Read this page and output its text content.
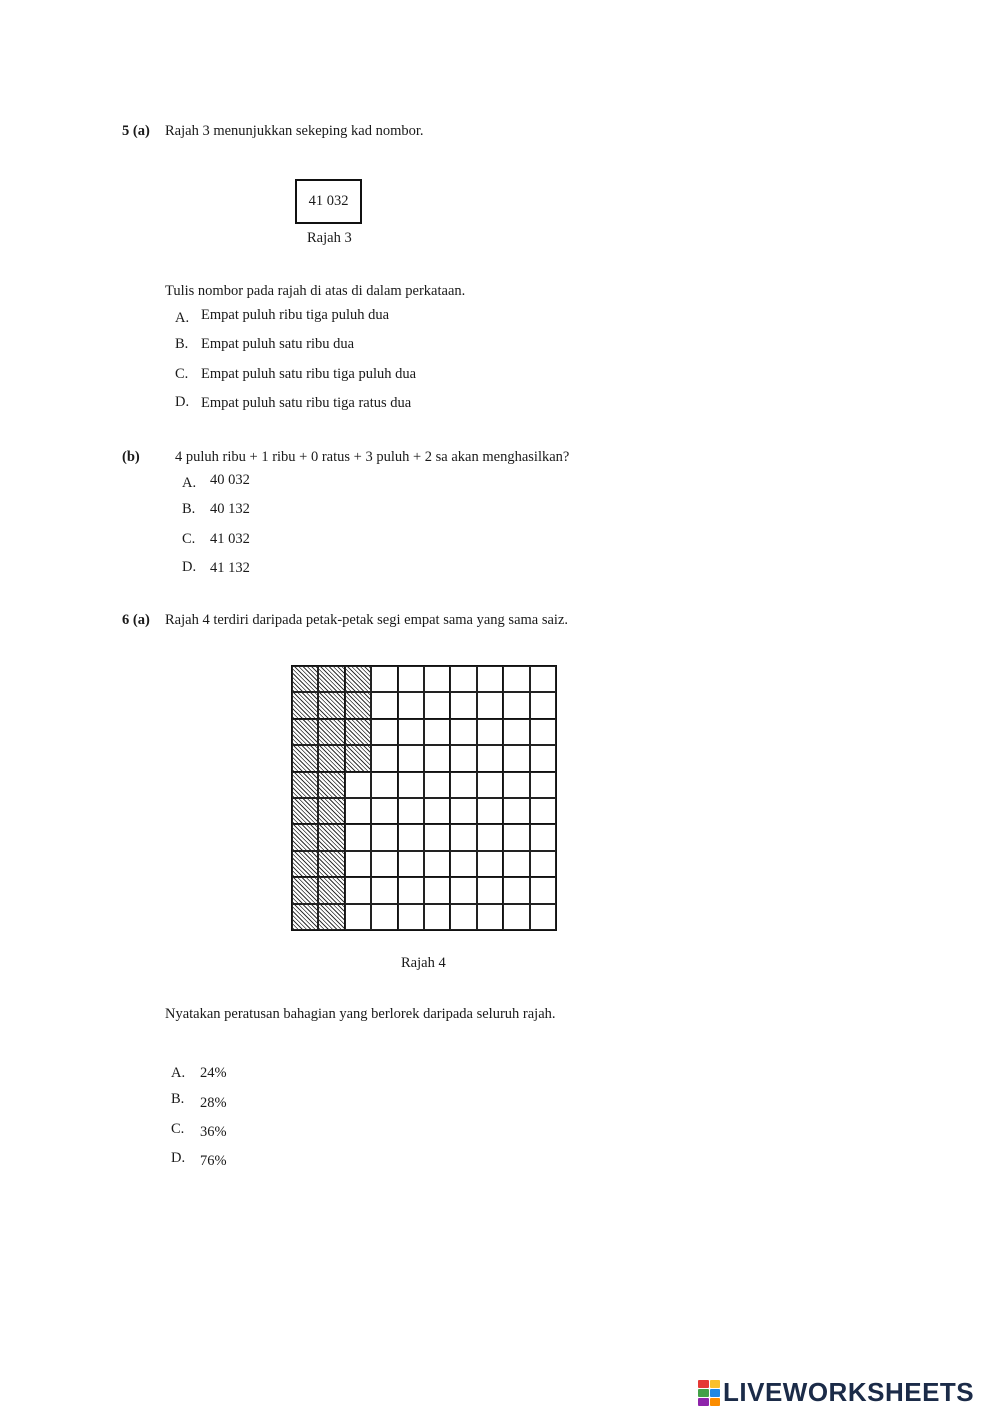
5 (a) Rajah 3 menunjukkan sekeping kad nombor.
41 032
Rajah 3
Tulis nombor pada rajah di atas di dalam perkataan.
A. Empat puluh ribu tiga puluh dua
B. Empat puluh satu ribu dua
C. Empat puluh satu ribu tiga puluh dua
D. Empat puluh satu ribu tiga ratus dua
(b) 4 puluh ribu + 1 ribu + 0 ratus + 3 puluh + 2 sa akan menghasilkan?
A. 40 032
B. 40 132
C. 41 032
D. 41 132
6 (a) Rajah 4 terdiri daripada petak-petak segi empat sama yang sama saiz.
Rajah 4
Nyatakan peratusan bahagian yang berlorek daripada seluruh rajah.
A. 24%
B. 28%
C. 36%
D. 76%
LIVEWORKSHEETS
